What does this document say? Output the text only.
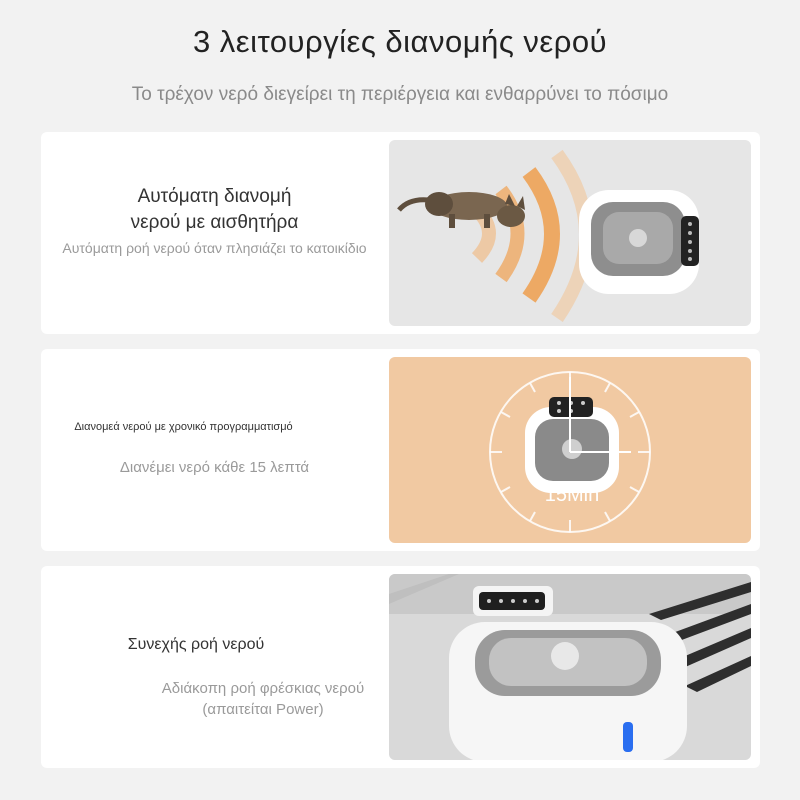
3 λειτουργίες διανομής νερού
Το τρέχον νερό διεγείρει τη περιέργεια και ενθαρρύνει το πόσιμο
Αυτόματη διανομή
νερού με αισθητήρα
Αυτόματη ροή νερού όταν πλησιάζει το κατοικίδιο
Διανομεά νερού με χρονικό προγραμματισμό
Διανέμει νερό κάθε 15 λεπτά
15Min
Συνεχής ροή νερού
Αδιάκοπη ροή φρέσκιας νερού
(απαιτείται Power)
